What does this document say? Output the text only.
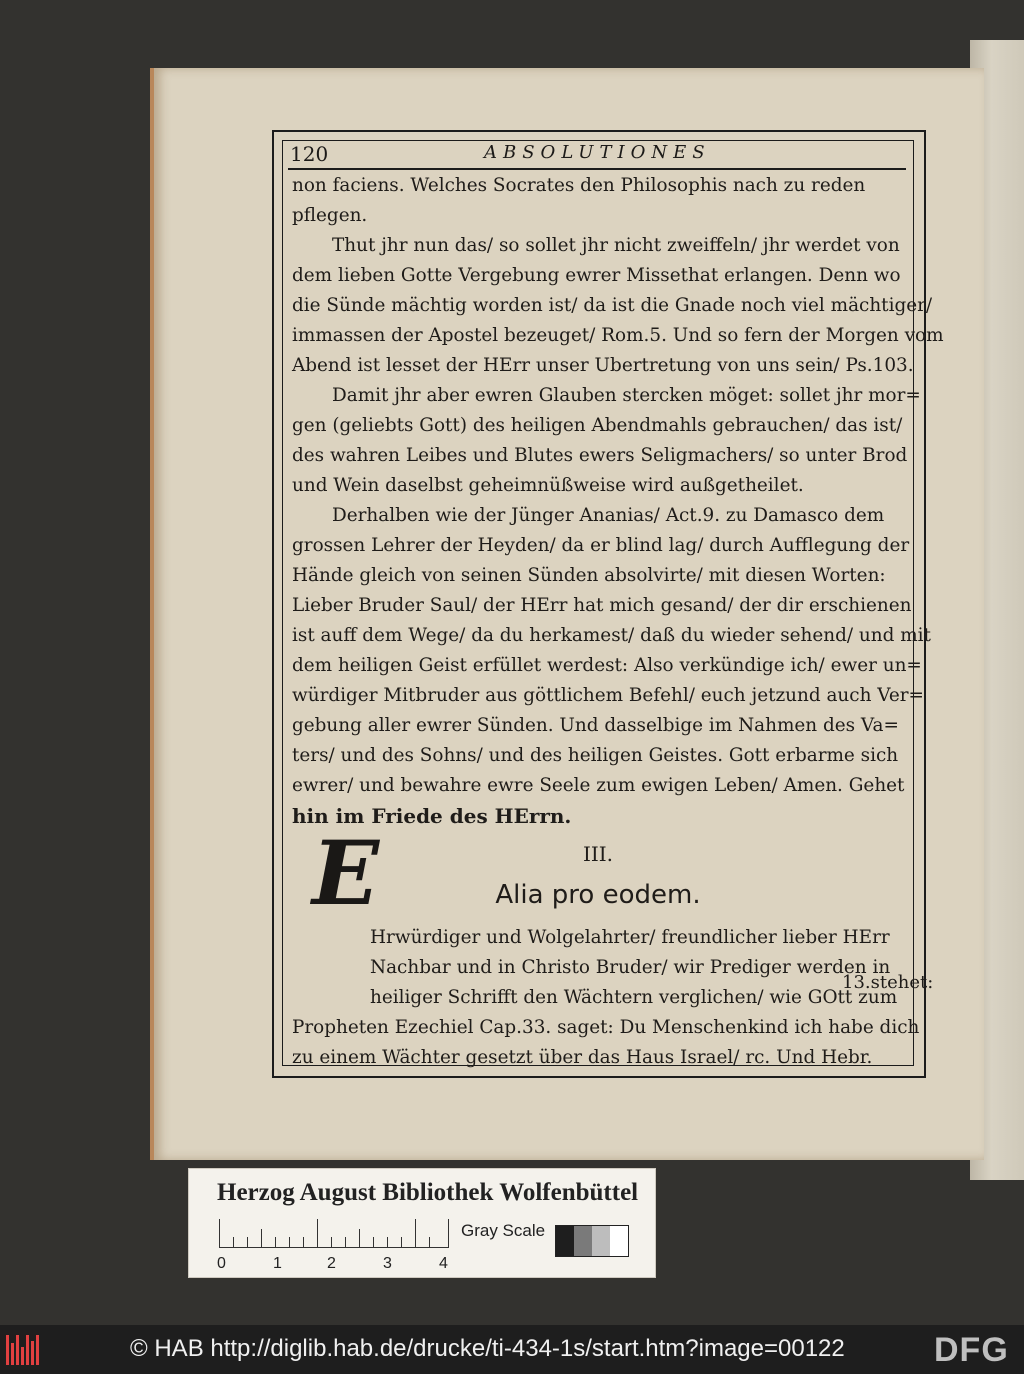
120	ABSOLUTIONES
non faciens. Welches Socrates den Philosophis nach zu reden
pflegen.
Thut jhr nun das/ so sollet jhr nicht zweiffeln/ jhr werdet von
dem lieben Gotte Vergebung ewrer Missethat erlangen. Denn wo
die Sünde mächtig worden ist/ da ist die Gnade noch viel mächtiger/
immassen der Apostel bezeuget/ Rom.5. Und so fern der Morgen vom
Abend ist lesset der HErr unser Ubertretung von uns sein/ Ps.103.
Damit jhr aber ewren Glauben stercken möget: sollet jhr mor=
gen (geliebts Gott) des heiligen Abendmahls gebrauchen/ das ist/
des wahren Leibes und Blutes ewers Seligmachers/ so unter Brod
und Wein daselbst geheimnüßweise wird außgetheilet.
Derhalben wie der Jünger Ananias/ Act.9. zu Damasco dem
grossen Lehrer der Heyden/ da er blind lag/ durch Aufflegung der
Hände gleich von seinen Sünden absolvirte/ mit diesen Worten:
Lieber Bruder Saul/ der HErr hat mich gesand/ der dir erschienen
ist auff dem Wege/ da du herkamest/ daß du wieder sehend/ und mit
dem heiligen Geist erfüllet werdest: Also verkündige ich/ ewer un=
würdiger Mitbruder aus göttlichem Befehl/ euch jetzund auch Ver=
gebung aller ewrer Sünden. Und dasselbige im Nahmen des Va=
ters/ und des Sohns/ und des heiligen Geistes. Gott erbarme sich
ewrer/ und bewahre ewre Seele zum ewigen Leben/ Amen. Gehet
hin im Friede des HErrn.
III.
Alia pro eodem.
Hrwürdiger und Wolgelahrter/ freundlicher lieber HErr
Nachbar und in Christo Bruder/ wir Prediger werden in
heiliger Schrifft den Wächtern verglichen/ wie GOtt zum
Propheten Ezechiel Cap.33. saget: Du Menschenkind ich habe dich
zu einem Wächter gesetzt über das Haus Israel/ rc. Und Hebr.
E
13.stehet:
Herzog August Bibliothek Wolfenbüttel
0	1	2	3	4
Gray Scale
© HAB http://diglib.hab.de/drucke/ti-434-1s/start.htm?image=00122	DFG
